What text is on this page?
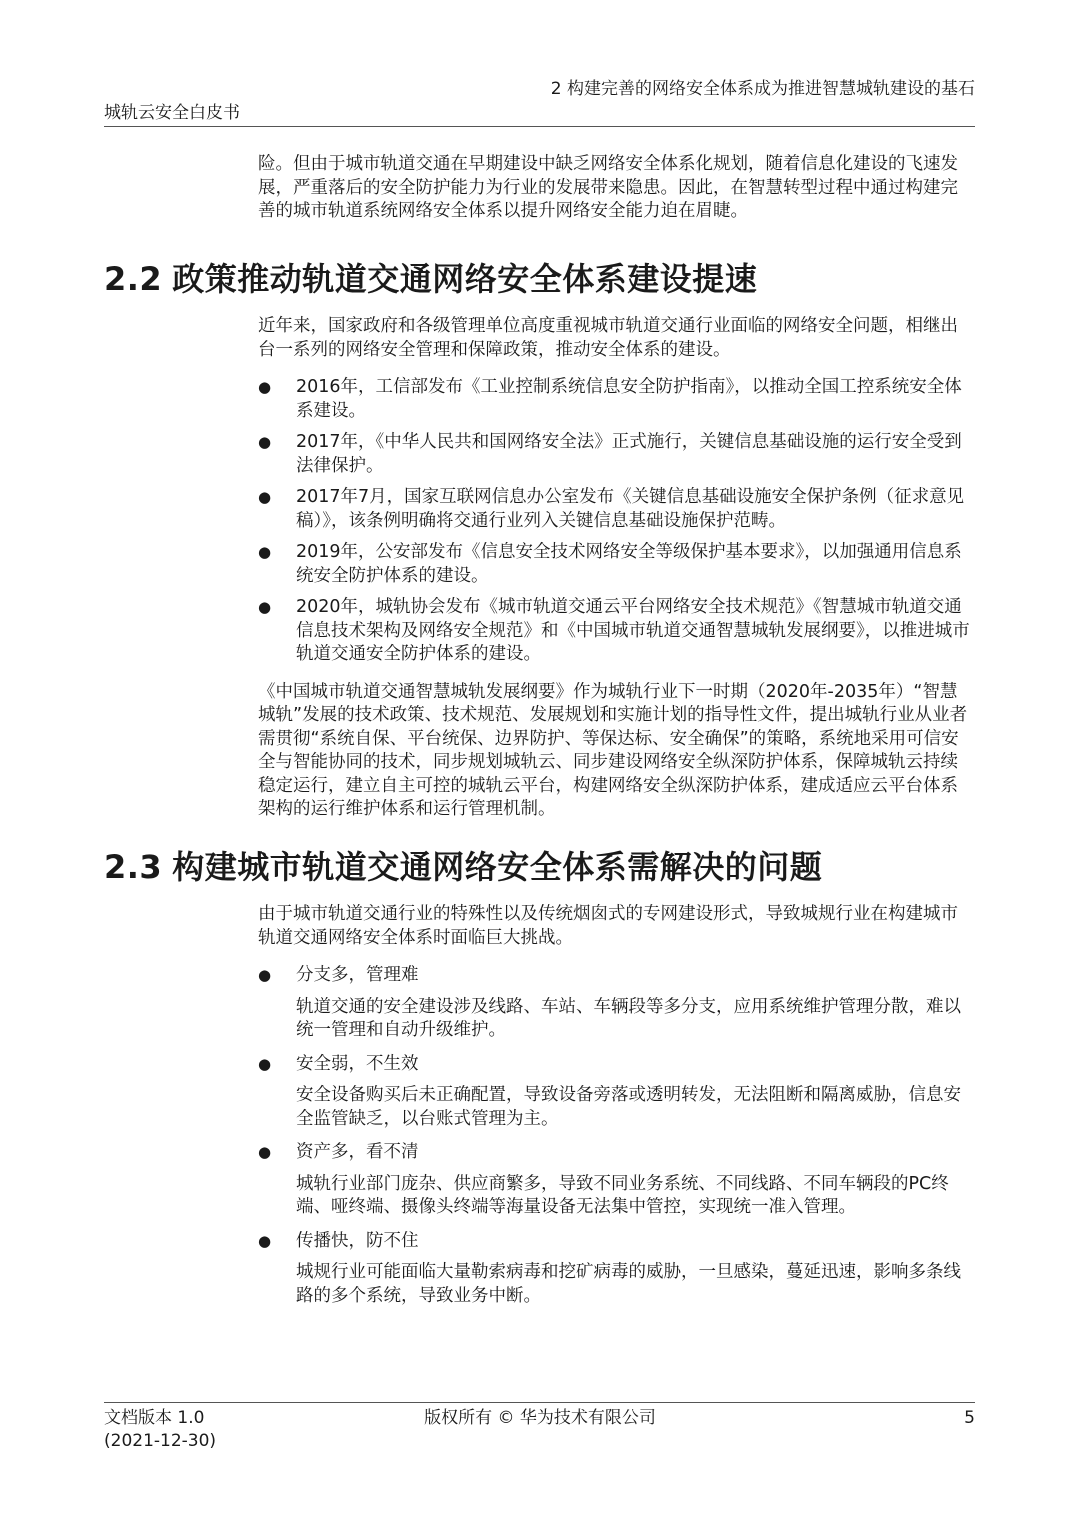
城轨云安全白皮书
2 构建完善的网络安全体系成为推进智慧城轨建设的基石

险。但由于城市轨道交通在早期建设中缺乏网络安全体系化规划，随着信息化建设的飞速发展，严重落后的安全防护能力为行业的发展带来隐患。因此，在智慧转型过程中通过构建完善的城市轨道系统网络安全体系以提升网络安全能力迫在眉睫。

2.2 政策推动轨道交通网络安全体系建设提速

近年来，国家政府和各级管理单位高度重视城市轨道交通行业面临的网络安全问题，相继出台一系列的网络安全管理和保障政策，推动安全体系的建设。

● 2016年，工信部发布《工业控制系统信息安全防护指南》，以推动全国工控系统安全体系建设。
● 2017年，《中华人民共和国网络安全法》正式施行，关键信息基础设施的运行安全受到法律保护。
● 2017年7月，国家互联网信息办公室发布《关键信息基础设施安全保护条例（征求意见稿）》，该条例明确将交通行业列入关键信息基础设施保护范畴。
● 2019年，公安部发布《信息安全技术网络安全等级保护基本要求》，以加强通用信息系统安全防护体系的建设。
● 2020年，城轨协会发布《城市轨道交通云平台网络安全技术规范》《智慧城市轨道交通信息技术架构及网络安全规范》和《中国城市轨道交通智慧城轨发展纲要》，以推进城市轨道交通安全防护体系的建设。

《中国城市轨道交通智慧城轨发展纲要》作为城轨行业下一时期（2020年-2035年）“智慧城轨”发展的技术政策、技术规范、发展规划和实施计划的指导性文件，提出城轨行业从业者需贯彻“系统自保、平台统保、边界防护、等保达标、安全确保”的策略，系统地采用可信安全与智能协同的技术，同步规划城轨云、同步建设网络安全纵深防护体系，保障城轨云持续稳定运行，建立自主可控的城轨云平台，构建网络安全纵深防护体系，建成适应云平台体系架构的运行维护体系和运行管理机制。

2.3 构建城市轨道交通网络安全体系需解决的问题

由于城市轨道交通行业的特殊性以及传统烟囱式的专网建设形式，导致城规行业在构建城市轨道交通网络安全体系时面临巨大挑战。

● 分支多，管理难

轨道交通的安全建设涉及线路、车站、车辆段等多分支，应用系统维护管理分散，难以统一管理和自动升级维护。

● 安全弱，不生效

安全设备购买后未正确配置，导致设备旁落或透明转发，无法阻断和隔离威胁，信息安全监管缺乏，以台账式管理为主。

● 资产多，看不清

城轨行业部门庞杂、供应商繁多，导致不同业务系统、不同线路、不同车辆段的PC终端、哑终端、摄像头终端等海量设备无法集中管控，实现统一准入管理。

● 传播快，防不住

城规行业可能面临大量勒索病毒和挖矿病毒的威胁，一旦感染，蔓延迅速，影响多条线路的多个系统，导致业务中断。

文档版本 1.0
(2021-12-30)
版权所有 © 华为技术有限公司	5
